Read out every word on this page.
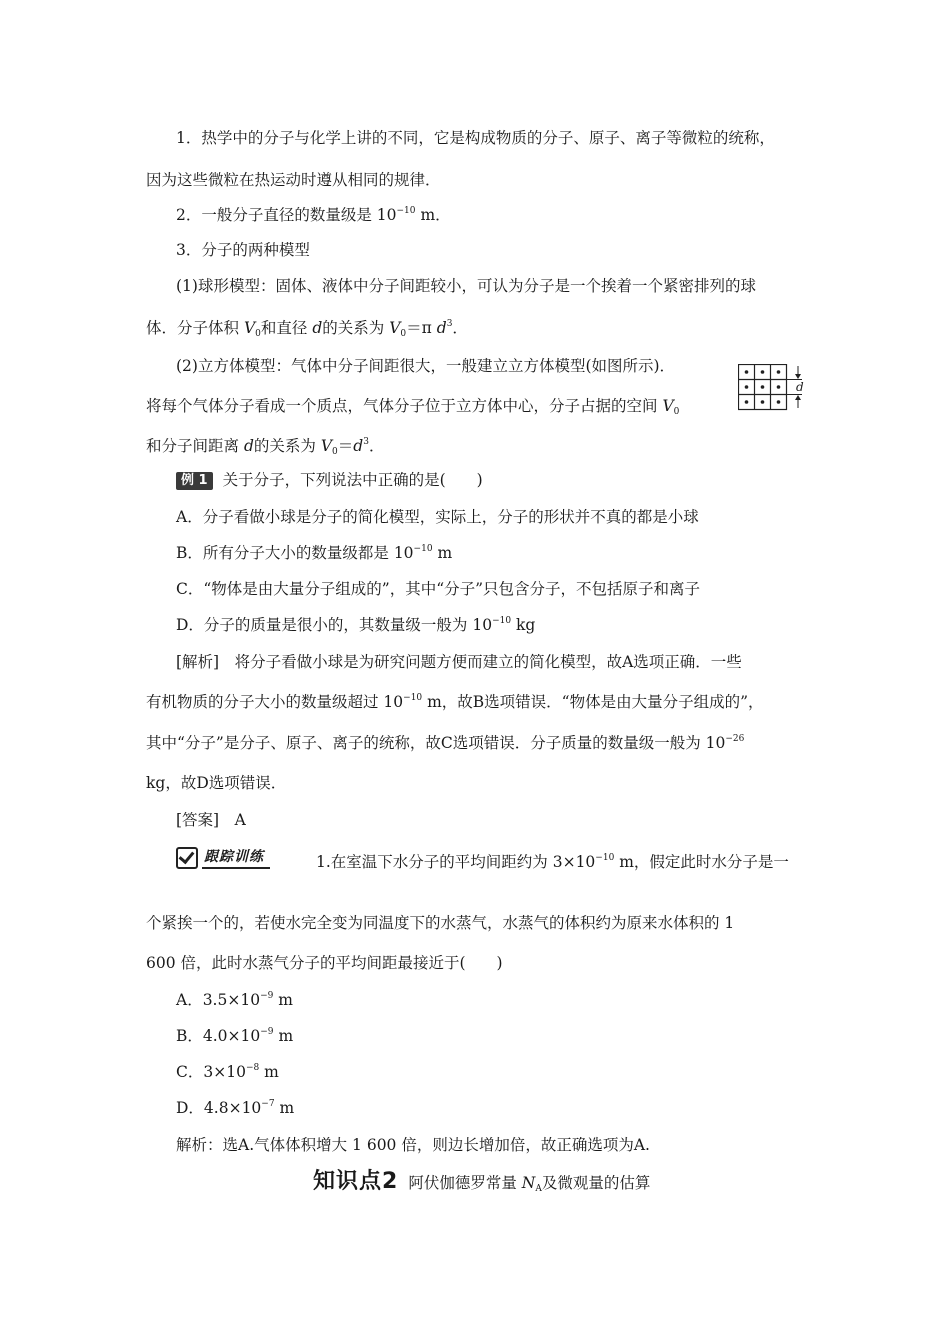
1．热学中的分子与化学上讲的不同，它是构成物质的分子、原子、离子等微粒的统称，
因为这些微粒在热运动时遵从相同的规律．
2．一般分子直径的数量级是 $10^{-10}$ m．
3．分子的两种模型
(1)球形模型：固体、液体中分子间距较小，可认为分子是一个挨着一个紧密排列的球
体．分子体积 $V_0$和直径 d的关系为 $V_0=\pi$ $d^3$．
(2)立方体模型：气体中分子间距很大，一般建立立方体模型(如图所示)．
将每个气体分子看成一个质点，气体分子位于立方体中心，分子占据的空间 $V_0$
和分子间距离 d的关系为 $V_0=d^3$．
d
例 1 关于分子，下列说法中正确的是(　　)
A．分子看做小球是分子的简化模型，实际上，分子的形状并不真的都是小球
B．所有分子大小的数量级都是 $10^{-10}$ m
C．“物体是由大量分子组成的”，其中“分子”只包含分子，不包括原子和离子
D．分子的质量是很小的，其数量级一般为 $10^{-10}$ kg
[解析]　将分子看做小球是为研究问题方便而建立的简化模型，故A选项正确．一些
有机物质的分子大小的数量级超过 $10^{-10}$ m，故B选项错误．“物体是由大量分子组成的”，
其中“分子”是分子、原子、离子的统称，故C选项错误．分子质量的数量级一般为 $10^{-26}$
kg，故D选项错误．
[答案]　A
跟踪训练	1.在室温下水分子的平均间距约为 $3\times 10^{-10}$ m，假定此时水分子是一
个紧挨一个的，若使水完全变为同温度下的水蒸气，水蒸气的体积约为原来水体积的 1
600 倍，此时水蒸气分子的平均间距最接近于(　　)
A．$3.5\times 10^{-9}$ m
B．$4.0\times 10^{-9}$ m
C．$3\times 10^{-8}$ m
D．$4.8\times 10^{-7}$ m
解析：选A.气体体积增大 1 600 倍，则边长增加倍，故正确选项为A.
知识点2 阿伏伽德罗常量 $N_A$及微观量的估算
